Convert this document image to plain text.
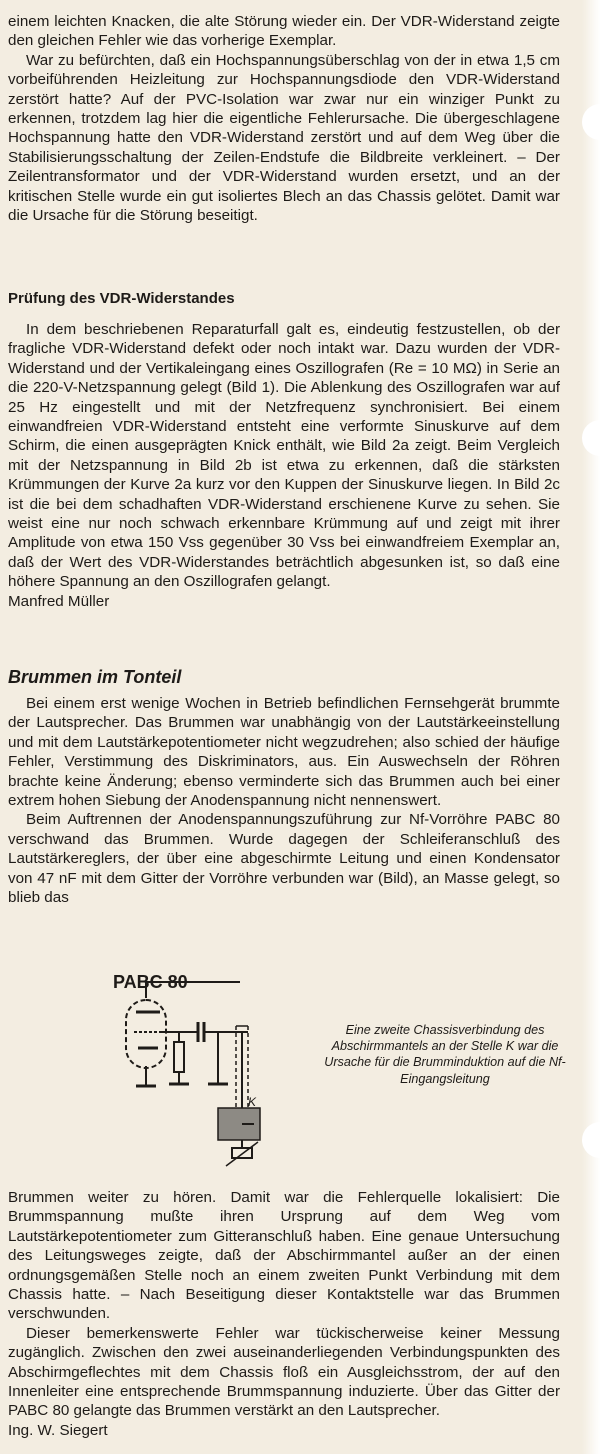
einem leichten Knacken, die alte Störung wieder ein. Der VDR-Widerstand zeigte den gleichen Fehler wie das vorherige Exemplar.

War zu befürchten, daß ein Hochspannungsüberschlag von der in etwa 1,5 cm vorbeiführenden Heizleitung zur Hochspannungsdiode den VDR-Widerstand zerstört hatte? Auf der PVC-Isolation war zwar nur ein winziger Punkt zu erkennen, trotzdem lag hier die eigentliche Fehlerursache. Die übergeschlagene Hochspannung hatte den VDR-Widerstand zerstört und auf dem Weg über die Stabilisierungsschaltung der Zeilen-Endstufe die Bildbreite verkleinert. – Der Zeilentransformator und der VDR-Widerstand wurden ersetzt, und an der kritischen Stelle wurde ein gut isoliertes Blech an das Chassis gelötet. Damit war die Ursache für die Störung beseitigt.

Prüfung des VDR-Widerstandes

In dem beschriebenen Reparaturfall galt es, eindeutig festzustellen, ob der fragliche VDR-Widerstand defekt oder noch intakt war. Dazu wurden der VDR-Widerstand und der Vertikaleingang eines Oszillografen (Re = 10 MΩ) in Serie an die 220-V-Netzspannung gelegt (Bild 1). Die Ablenkung des Oszillografen war auf 25 Hz eingestellt und mit der Netzfrequenz synchronisiert. Bei einem einwandfreien VDR-Widerstand entsteht eine verformte Sinuskurve auf dem Schirm, die einen ausgeprägten Knick enthält, wie Bild 2a zeigt. Beim Vergleich mit der Netzspannung in Bild 2b ist etwa zu erkennen, daß die stärksten Krümmungen der Kurve 2a kurz vor den Kuppen der Sinuskurve liegen. In Bild 2c ist die bei dem schadhaften VDR-Widerstand erschienene Kurve zu sehen. Sie weist eine nur noch schwach erkennbare Krümmung auf und zeigt mit ihrer Amplitude von etwa 150 Vss gegenüber 30 Vss bei einwandfreiem Exemplar an, daß der Wert des VDR-Widerstandes beträchtlich abgesunken ist, so daß eine höhere Spannung an den Oszillografen gelangt.

Manfred Müller

Brummen im Tonteil

Bei einem erst wenige Wochen in Betrieb befindlichen Fernsehgerät brummte der Lautsprecher. Das Brummen war unabhängig von der Lautstärkeeinstellung und mit dem Lautstärkepotentiometer nicht wegzudrehen; also schied der häufige Fehler, Verstimmung des Diskriminators, aus. Ein Auswechseln der Röhren brachte keine Änderung; ebenso verminderte sich das Brummen auch bei einer extrem hohen Siebung der Anodenspannung nicht nennenswert.

Beim Auftrennen der Anodenspannungszuführung zur Nf-Vorröhre PABC 80 verschwand das Brummen. Wurde dagegen der Schleiferanschluß des Lautstärkereglers, der über eine abgeschirmte Leitung und einen Kondensator von 47 nF mit dem Gitter der Vorröhre verbunden war (Bild), an Masse gelegt, so blieb das

PABC 80
K
Eine zweite Chassisverbindung des Abschirmmantels an der Stelle K war die Ursache für die Brumminduktion auf die Nf-Eingangsleitung

Brummen weiter zu hören. Damit war die Fehlerquelle lokalisiert: Die Brummspannung mußte ihren Ursprung auf dem Weg vom Lautstärkepotentiometer zum Gitteranschluß haben. Eine genaue Untersuchung des Leitungsweges zeigte, daß der Abschirmmantel außer an der einen ordnungsgemäßen Stelle noch an einem zweiten Punkt Verbindung mit dem Chassis hatte. – Nach Beseitigung dieser Kontaktstelle war das Brummen verschwunden.

Dieser bemerkenswerte Fehler war tückischerweise keiner Messung zugänglich. Zwischen den zwei auseinanderliegenden Verbindungspunkten des Abschirmgeflechtes mit dem Chassis floß ein Ausgleichsstrom, der auf den Innenleiter eine entsprechende Brummspannung induzierte. Über das Gitter der PABC 80 gelangte das Brummen verstärkt an den Lautsprecher.

Ing. W. Siegert
